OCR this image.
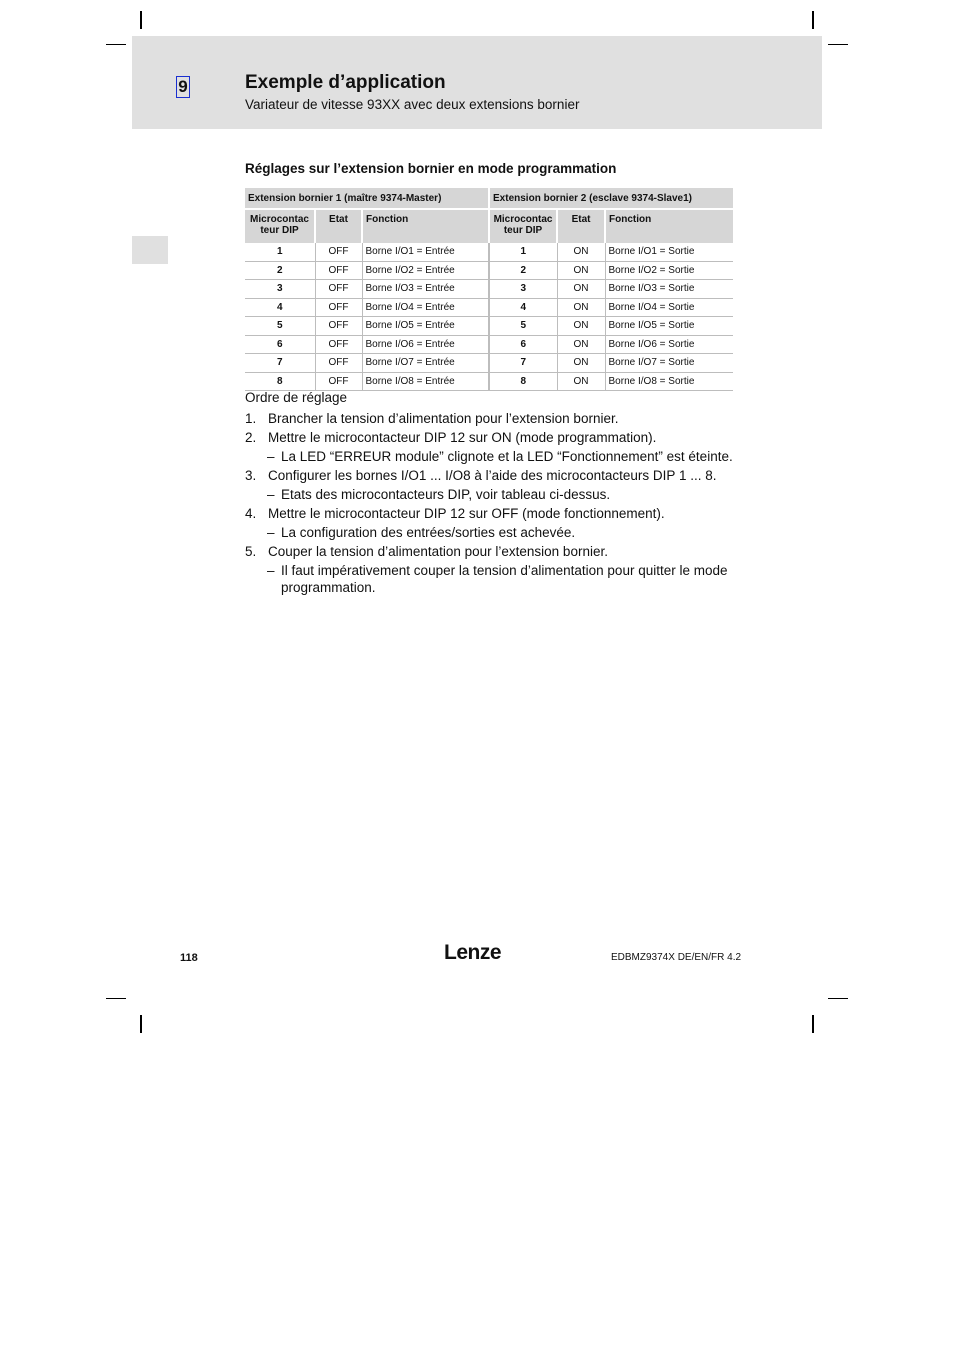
9	Exemple d’application
Variateur de vitesse 93XX avec deux extensions bornier
Réglages sur l’extension bornier en mode programmation
Extension bornier 1 (maître 9374-Master)			Extension bornier 2 (esclave 9374-Slave1)		
Microcontac teur DIP	Etat	Fonction	Microcontac teur DIP	Etat	Fonction
1	OFF	Borne I/O1 = Entrée	1	ON	Borne I/O1 = Sortie
2	OFF	Borne I/O2 = Entrée	2	ON	Borne I/O2 = Sortie
3	OFF	Borne I/O3 = Entrée	3	ON	Borne I/O3 = Sortie
4	OFF	Borne I/O4 = Entrée	4	ON	Borne I/O4 = Sortie
5	OFF	Borne I/O5 = Entrée	5	ON	Borne I/O5 = Sortie
6	OFF	Borne I/O6 = Entrée	6	ON	Borne I/O6 = Sortie
7	OFF	Borne I/O7 = Entrée	7	ON	Borne I/O7 = Sortie
8	OFF	Borne I/O8 = Entrée	8	ON	Borne I/O8 = Sortie
Ordre de réglage
1. Brancher la tension d’alimentation pour l’extension bornier.
2. Mettre le microcontacteur DIP 12 sur ON (mode programmation).
– La LED “ERREUR module” clignote et la LED “Fonctionnement” est éteinte.
3. Configurer les bornes I/O1 ... I/O8 à l’aide des microcontacteurs DIP 1 ... 8.
– Etats des microcontacteurs DIP, voir tableau ci-dessus.
4. Mettre le microcontacteur DIP 12 sur OFF (mode fonctionnement).
– La configuration des entrées/sorties est achevée.
5. Couper la tension d’alimentation pour l’extension bornier.
– Il faut impérativement couper la tension d’alimentation pour quitter le mode programmation.
118	Lenze	EDBMZ9374X DE/EN/FR 4.2
